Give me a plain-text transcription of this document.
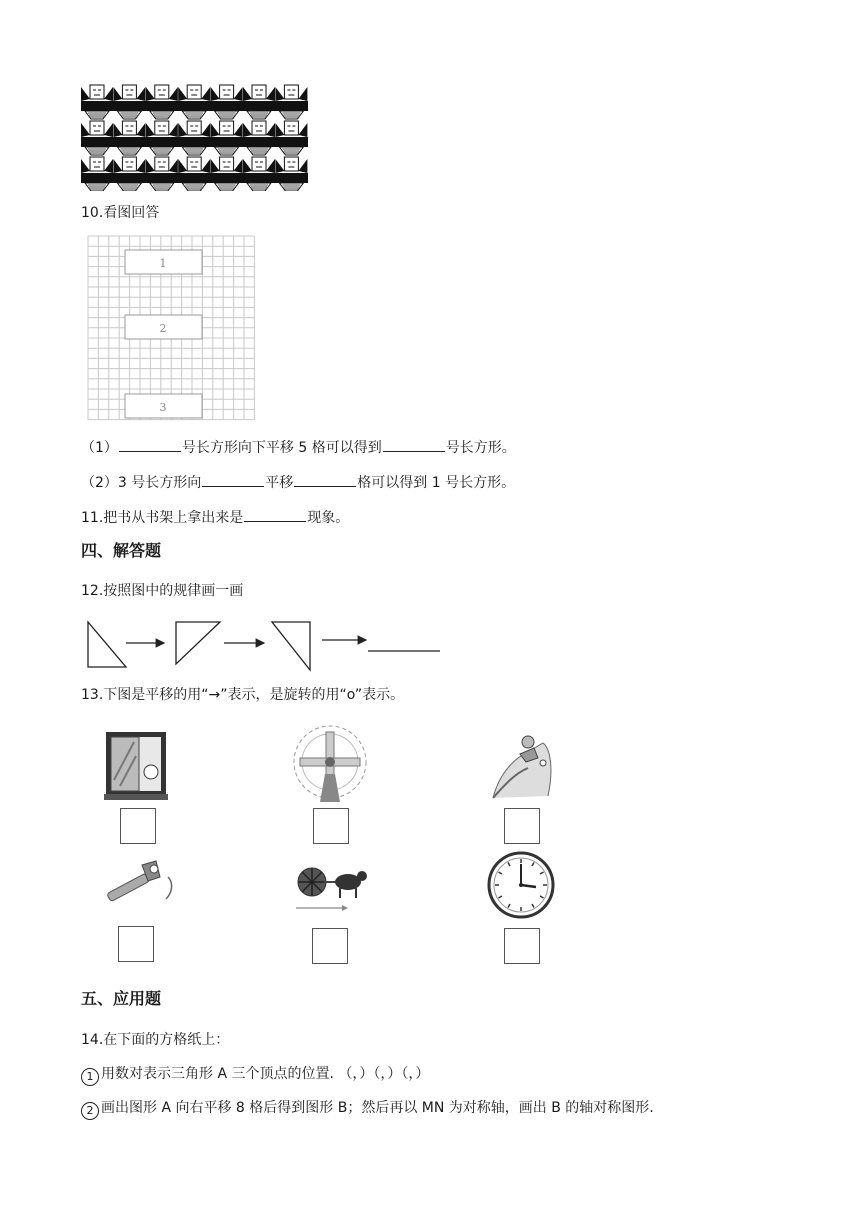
10.看图回答
1
2
3
（1）	号长方形向下平移 5 格可以得到	号长方形。
（2）3 号长方形向	平移	格可以得到 1 号长方形。
11.把书从书架上拿出来是	现象。
四、解答题
12.按照图中的规律画一画
13.下图是平移的用“→”表示，是旋转的用“o”表示。
五、应用题
14.在下面的方格纸上：
1 用数对表示三角形 A 三个顶点的位置. （，）（，）（，）
2 画出图形 A 向右平移 8 格后得到图形 B；然后再以 MN 为对称轴，画出 B 的轴对称图形.
